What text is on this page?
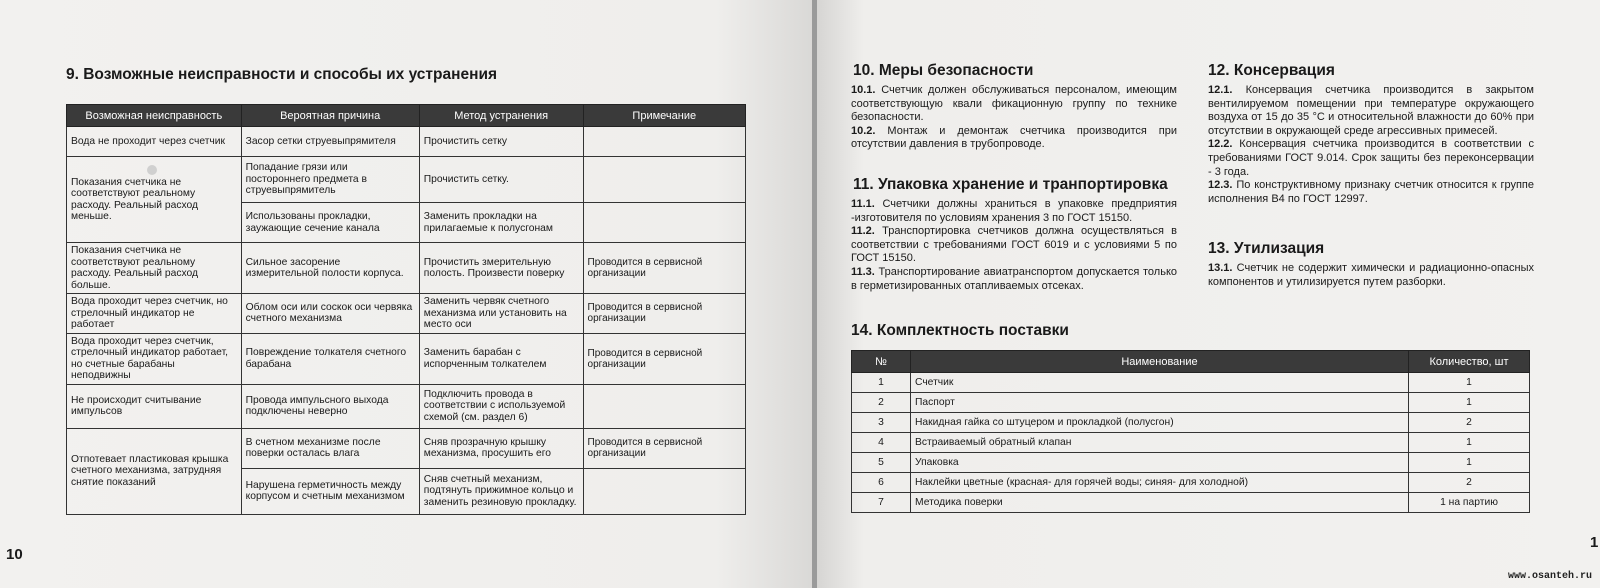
9. Возможные неисправности и способы их устранения
Возможная неисправность	Вероятная причина	Метод устранения	Примечание
Вода не проходит через счетчик	Засор сетки струевыпрямителя	Прочистить сетку	
Показания счетчика не соответствуют реальному расходу. Реальный расход меньше.	Попадание грязи или постороннего предмета в струевыпрямитель	Прочистить сетку.	
	Использованы прокладки, заужающие сечение канала	Заменить прокладки на прилагаемые к полусгонам	
Показания счетчика не соответствуют реальному расходу. Реальный расход больше.	Сильное засорение измерительной полости корпуса.	Прочистить змерительную полость. Произвести поверку	Проводится в сервисной организации
Вода проходит через счетчик, но стрелочный индикатор не работает	Облом оси или соскок оси червяка счетного механизма	Заменить червяк счетного механизма или установить на место оси	Проводится в сервисной организации
Вода проходит через счетчик, стрелочный индикатор работает, но счетные барабаны неподвижны	Повреждение толкателя счетного барабана	Заменить барабан с испорченным толкателем	Проводится в сервисной организации
Не происходит считывание импульсов	Провода импульсного выхода подключены неверно	Подключить провода в соответствии с используемой схемой (см. раздел 6)	
Отпотевает пластиковая крышка счетного механизма, затрудняя снятие показаний	В счетном механизме после поверки осталась влага	Сняв прозрачную крышку механизма, просушить его	Проводится в сервисной организации
	Нарушена герметичность между корпусом и счетным механизмом	Сняв счетный механизм, подтянуть прижимное кольцо и заменить резиновую прокладку.	
10
10. Меры безопасности

10.1. Счетчик должен обслуживаться персоналом, имеющим соответствующую квали фикационную группу по технике безопасности.

10.2. Монтаж и демонтаж счетчика производится при отсутствии давления в трубопроводе.

11. Упаковка хранение и транпортировка

11.1. Счетчики должны храниться в упаковке предприятия -изготовителя по условиям хранения 3 по ГОСТ 15150.

11.2. Транспортировка счетчиков должна осуществляться в соответствии с требованиями ГОСТ 6019 и с условиями 5 по ГОСТ 15150.

11.3. Транспортирование авиатранспортом допускается только в герметизированных отапливаемых отсеках.

12. Консервация

12.1. Консервация счетчика производится в закрытом вентилируемом помещении при температуре окружающего воздуха от 15 до 35 °С и относительной влажности до 60% при отсутствии в окружающей среде агрессивных примесей.

12.2. Консервация счетчика производится в соответствии с требованиями ГОСТ 9.014. Срок защиты без переконсервации - 3 года.

12.3. По конструктивному признаку счетчик относится к группе исполнения В4 по ГОСТ 12997.

13. Утилизация

13.1. Счетчик не содержит химически и радиационно-опасных компонентов и утилизируется путем разборки.

14. Комплектность поставки
1
www.osanteh.ru
№	Наименование	Количество, шт
1	Счетчик	1
2	Паспорт	1
3	Накидная гайка со штуцером и прокладкой (полусгон)	2
4	Встраиваемый обратный клапан	1
5	Упаковка	1
6	Наклейки цветные (красная- для горячей воды; синяя- для холодной)	2
7	Методика поверки	1 на партию
